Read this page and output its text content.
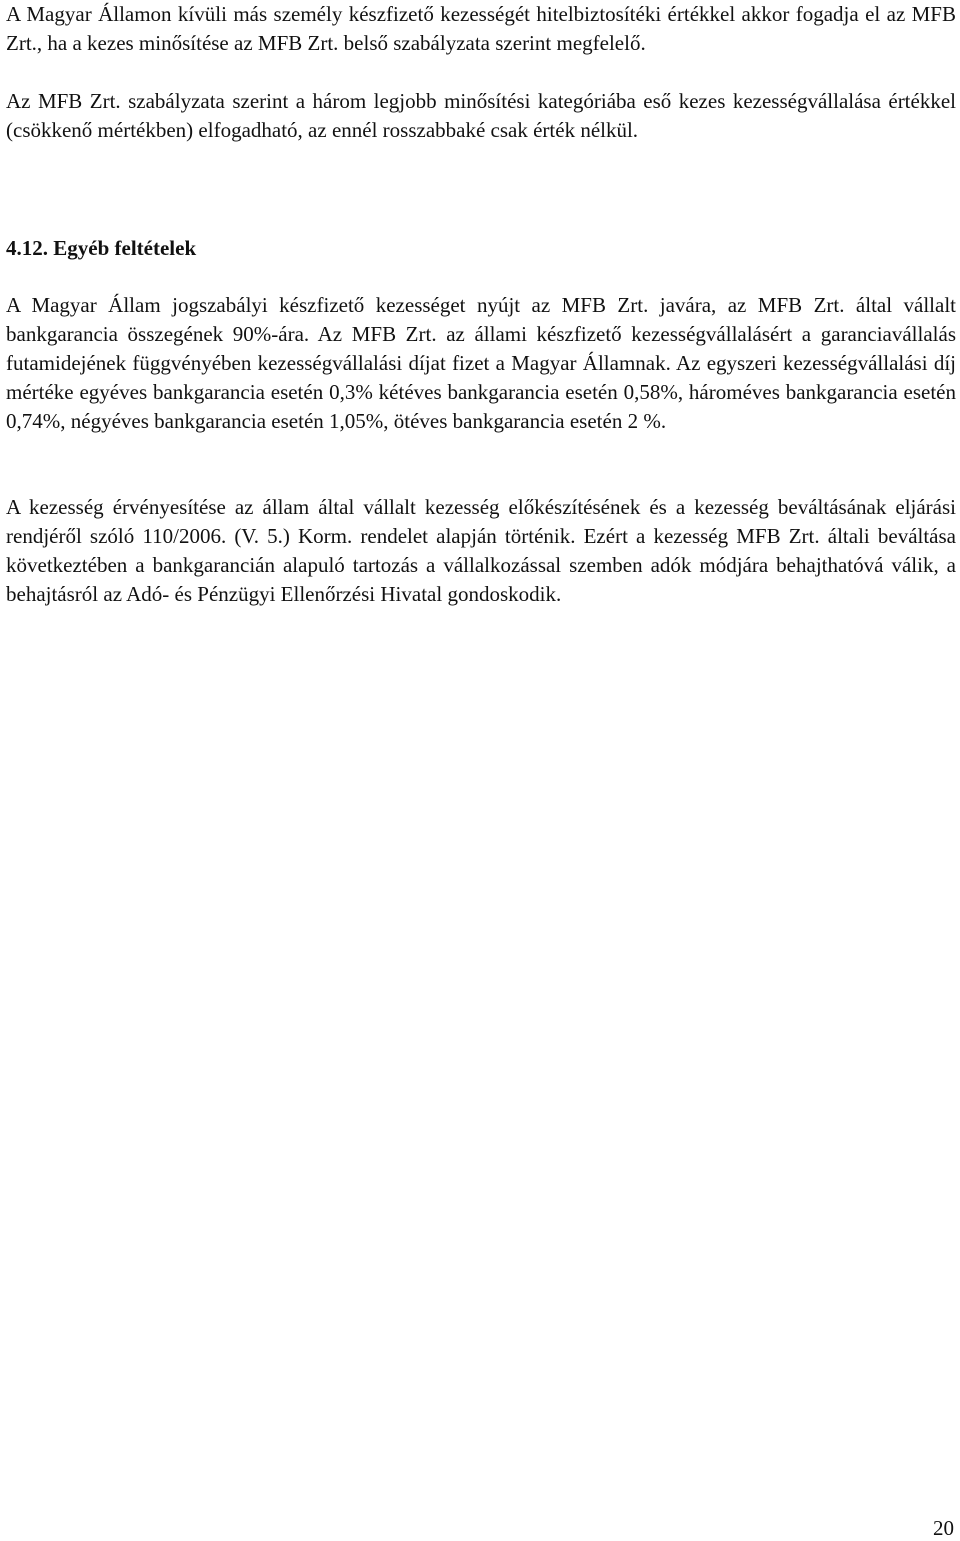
A Magyar Államon kívüli más személy készfizető kezességét hitelbiztosítéki értékkel akkor fogadja el az MFB Zrt., ha a kezes minősítése az MFB Zrt. belső szabályzata szerint megfelelő.

Az MFB Zrt. szabályzata szerint a három legjobb minősítési kategóriába eső kezes kezességvállalása értékkel (csökkenő mértékben) elfogadható, az ennél rosszabbaké csak érték nélkül.

4.12. Egyéb feltételek

A Magyar Állam jogszabályi készfizető kezességet nyújt az MFB Zrt. javára, az MFB Zrt. által vállalt bankgarancia összegének 90%-ára. Az MFB Zrt. az állami készfizető kezességvállalásért a garanciavállalás futamidejének függvényében kezességvállalási díjat fizet a Magyar Államnak. Az egyszeri kezességvállalási díj mértéke egyéves bankgarancia esetén 0,3% kétéves bankgarancia esetén 0,58%, hároméves bankgarancia esetén 0,74%, négyéves bankgarancia esetén 1,05%, ötéves bankgarancia esetén 2 %.

A kezesség érvényesítése az állam által vállalt kezesség előkészítésének és a kezesség beváltásának eljárási rendjéről szóló 110/2006. (V. 5.) Korm. rendelet alapján történik. Ezért a kezesség MFB Zrt. általi beváltása következtében a bankgarancián alapuló tartozás a vállalkozással szemben adók módjára behajthatóvá válik, a behajtásról az Adó- és Pénzügyi Ellenőrzési Hivatal gondoskodik.

20
